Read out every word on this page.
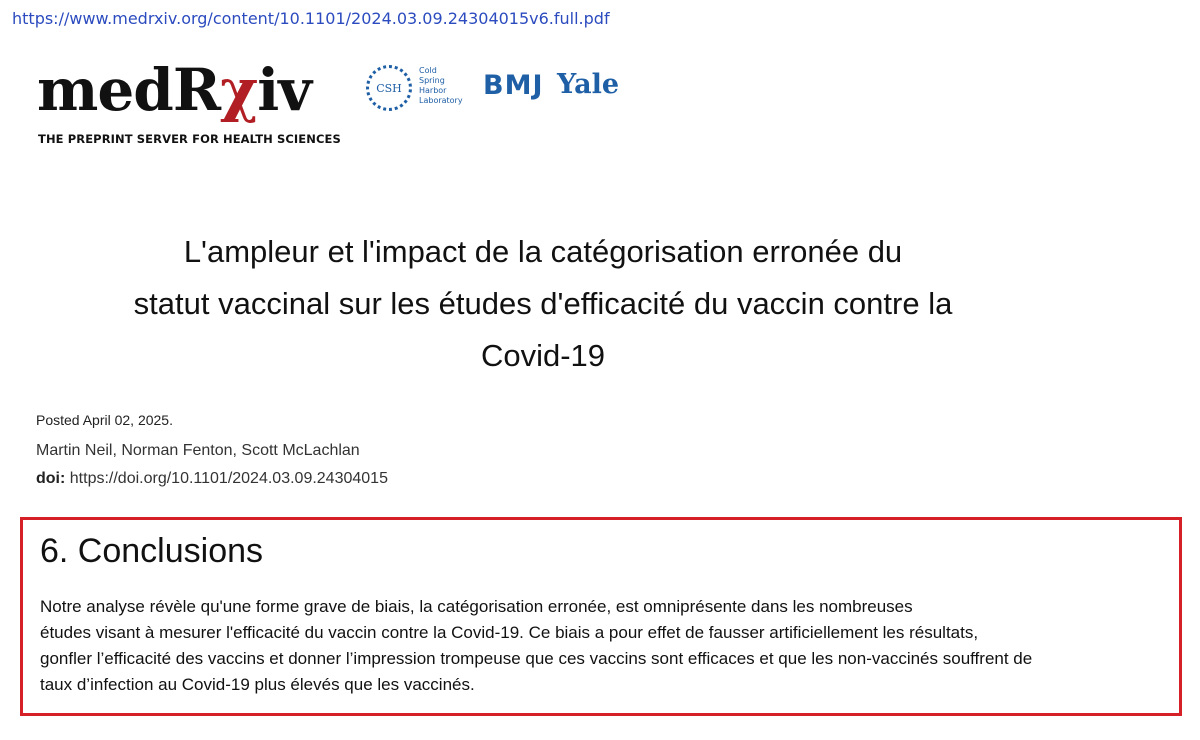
https://www.medrxiv.org/content/10.1101/2024.03.09.24304015v6.full.pdf
medRχiv
THE PREPRINT SERVER FOR HEALTH SCIENCES
CSH
Cold
Spring
Harbor
Laboratory BMJ Yale
L'ampleur et l'impact de la catégorisation erronée du
statut vaccinal sur les études d'efficacité du vaccin contre la
Covid-19
Posted April 02, 2025.
Martin Neil, Norman Fenton, Scott McLachlan
doi: https://doi.org/10.1101/2024.03.09.24304015
6. Conclusions
Notre analyse révèle qu'une forme grave de biais, la catégorisation erronée, est omniprésente dans les nombreuses
études visant à mesurer l'efficacité du vaccin contre la Covid-19. Ce biais a pour effet de fausser artificiellement les résultats,
gonfler l’efficacité des vaccins et donner l’impression trompeuse que ces vaccins sont efficaces et que les non-vaccinés souffrent de
taux d’infection au Covid-19 plus élevés que les vaccinés.
